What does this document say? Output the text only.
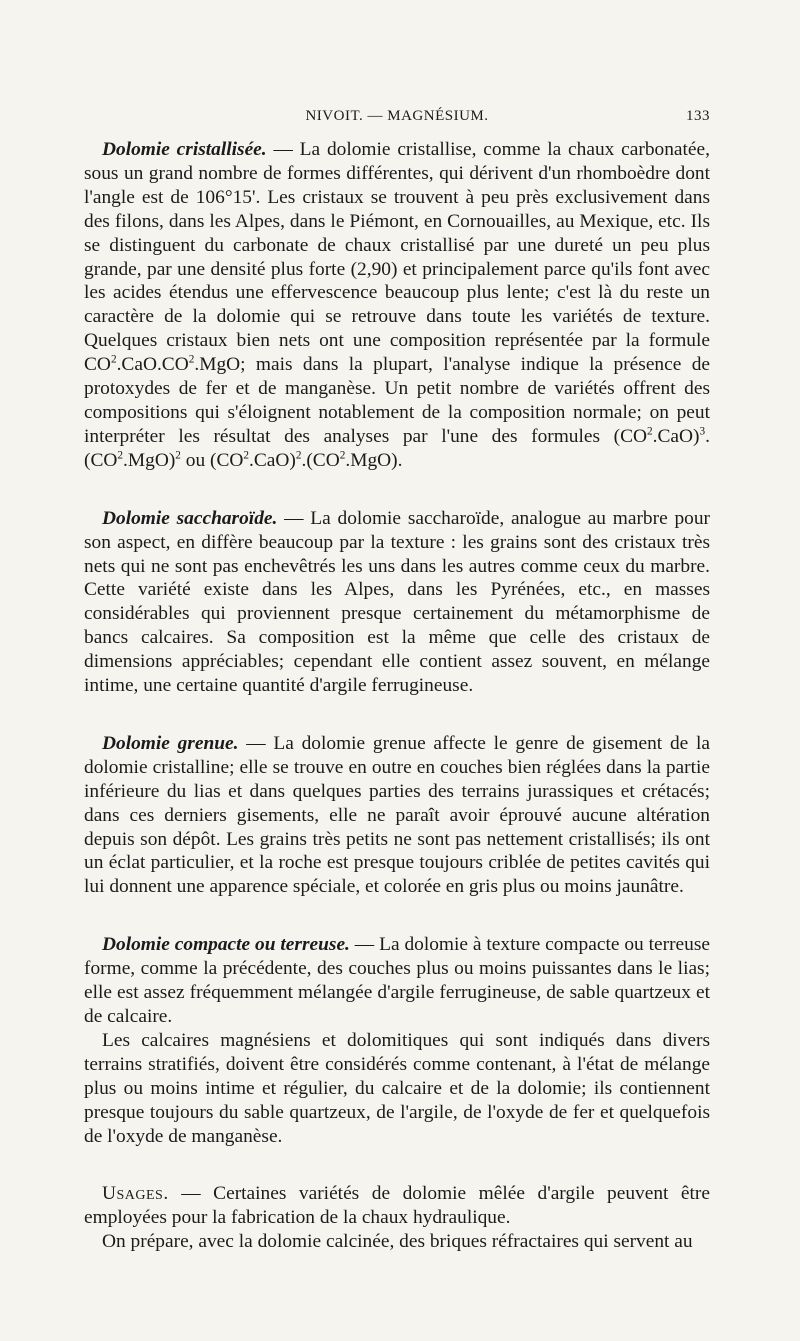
NIVOIT. — MAGNÉSIUM.	133

Dolomie cristallisée. — La dolomie cristallise, comme la chaux carbonatée, sous un grand nombre de formes différentes, qui dérivent d'un rhomboèdre dont l'angle est de 106°15'. Les cristaux se trouvent à peu près exclusivement dans des filons, dans les Alpes, dans le Piémont, en Cornouailles, au Mexique, etc. Ils se distinguent du carbonate de chaux cristallisé par une dureté un peu plus grande, par une densité plus forte (2,90) et principalement parce qu'ils font avec les acides étendus une effervescence beaucoup plus lente; c'est là du reste un caractère de la dolomie qui se retrouve dans toute les variétés de texture. Quelques cristaux bien nets ont une composition représentée par la formule $CO^2.CaO.CO^2.MgO$; mais dans la plupart, l'analyse indique la présence de protoxydes de fer et de manganèse. Un petit nombre de variétés offrent des compositions qui s'éloignent notablement de la composition normale; on peut interpréter les résultat des analyses par l'une des formules $(CO^2.CaO)^3.(CO^2.MgO)^2$ ou $(CO^2.CaO)^2.(CO^2.MgO)$.

Dolomie saccharoïde. — La dolomie saccharoïde, analogue au marbre pour son aspect, en diffère beaucoup par la texture : les grains sont des cristaux très nets qui ne sont pas enchevêtrés les uns dans les autres comme ceux du marbre. Cette variété existe dans les Alpes, dans les Pyrénées, etc., en masses considérables qui proviennent presque certainement du métamorphisme de bancs calcaires. Sa composition est la même que celle des cristaux de dimensions appréciables; cependant elle contient assez souvent, en mélange intime, une certaine quantité d'argile ferrugineuse.

Dolomie grenue. — La dolomie grenue affecte le genre de gisement de la dolomie cristalline; elle se trouve en outre en couches bien réglées dans la partie inférieure du lias et dans quelques parties des terrains jurassiques et crétacés; dans ces derniers gisements, elle ne paraît avoir éprouvé aucune altération depuis son dépôt. Les grains très petits ne sont pas nettement cristallisés; ils ont un éclat particulier, et la roche est presque toujours criblée de petites cavités qui lui donnent une apparence spéciale, et colorée en gris plus ou moins jaunâtre.

Dolomie compacte ou terreuse. — La dolomie à texture compacte ou terreuse forme, comme la précédente, des couches plus ou moins puissantes dans le lias; elle est assez fréquemment mélangée d'argile ferrugineuse, de sable quartzeux et de calcaire.

Les calcaires magnésiens et dolomitiques qui sont indiqués dans divers terrains stratifiés, doivent être considérés comme contenant, à l'état de mélange plus ou moins intime et régulier, du calcaire et de la dolomie; ils contiennent presque toujours du sable quartzeux, de l'argile, de l'oxyde de fer et quelquefois de l'oxyde de manganèse.

Usages. — Certaines variétés de dolomie mêlée d'argile peuvent être employées pour la fabrication de la chaux hydraulique.

On prépare, avec la dolomie calcinée, des briques réfractaires qui servent au
